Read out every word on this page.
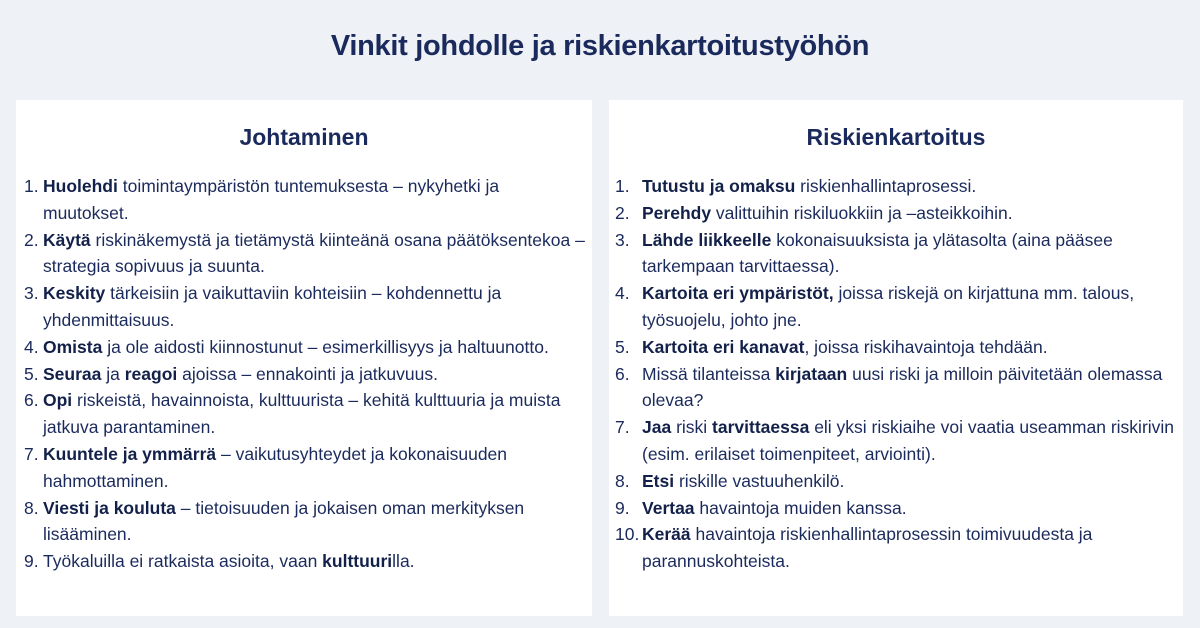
Vinkit johdolle ja riskienkartoitustyöhön
Johtaminen
1. Huolehdi toimintaympäristön tuntemuksesta – nykyhetki ja muutokset.
2. Käytä riskinäkemystä ja tietämystä kiinteänä osana päätöksentekoa – strategia sopivuus ja suunta.
3. Keskity tärkeisiin ja vaikuttaviin kohteisiin – kohdennettu ja yhdenmittaisuus.
4. Omista ja ole aidosti kiinnostunut – esimerkillisyys ja haltuunotto.
5. Seuraa ja reagoi ajoissa – ennakointi ja jatkuvuus.
6. Opi riskeistä, havainnoista, kulttuurista – kehitä kulttuuria ja muista jatkuva parantaminen.
7. Kuuntele ja ymmärrä – vaikutusyhteydet ja kokonaisuuden hahmottaminen.
8. Viesti ja kouluta – tietoisuuden ja jokaisen oman merkityksen lisääminen.
9. Työkaluilla ei ratkaista asioita, vaan kulttuurilla.
Riskienkartoitus
1. Tutustu ja omaksu riskienhallintaprosessi.
2. Perehdy valittuihin riskiluokkiin ja –asteikkoihin.
3. Lähde liikkeelle kokonaisuuksista ja ylätasolta (aina pääsee tarkempaan tarvittaessa).
4. Kartoita eri ympäristöt, joissa riskejä on kirjattuna mm. talous, työsuojelu, johto jne.
5. Kartoita eri kanavat, joissa riskihavaintoja tehdään.
6. Missä tilanteissa kirjataan uusi riski ja milloin päivitetään olemassa olevaa?
7. Jaa riski tarvittaessa eli yksi riskiaihe voi vaatia useamman riskirivin (esim. erilaiset toimenpiteet, arviointi).
8. Etsi riskille vastuuhenkilö.
9. Vertaa havaintoja muiden kanssa.
10. Kerää havaintoja riskienhallintaprosessin toimivuudesta ja parannuskohteista.
